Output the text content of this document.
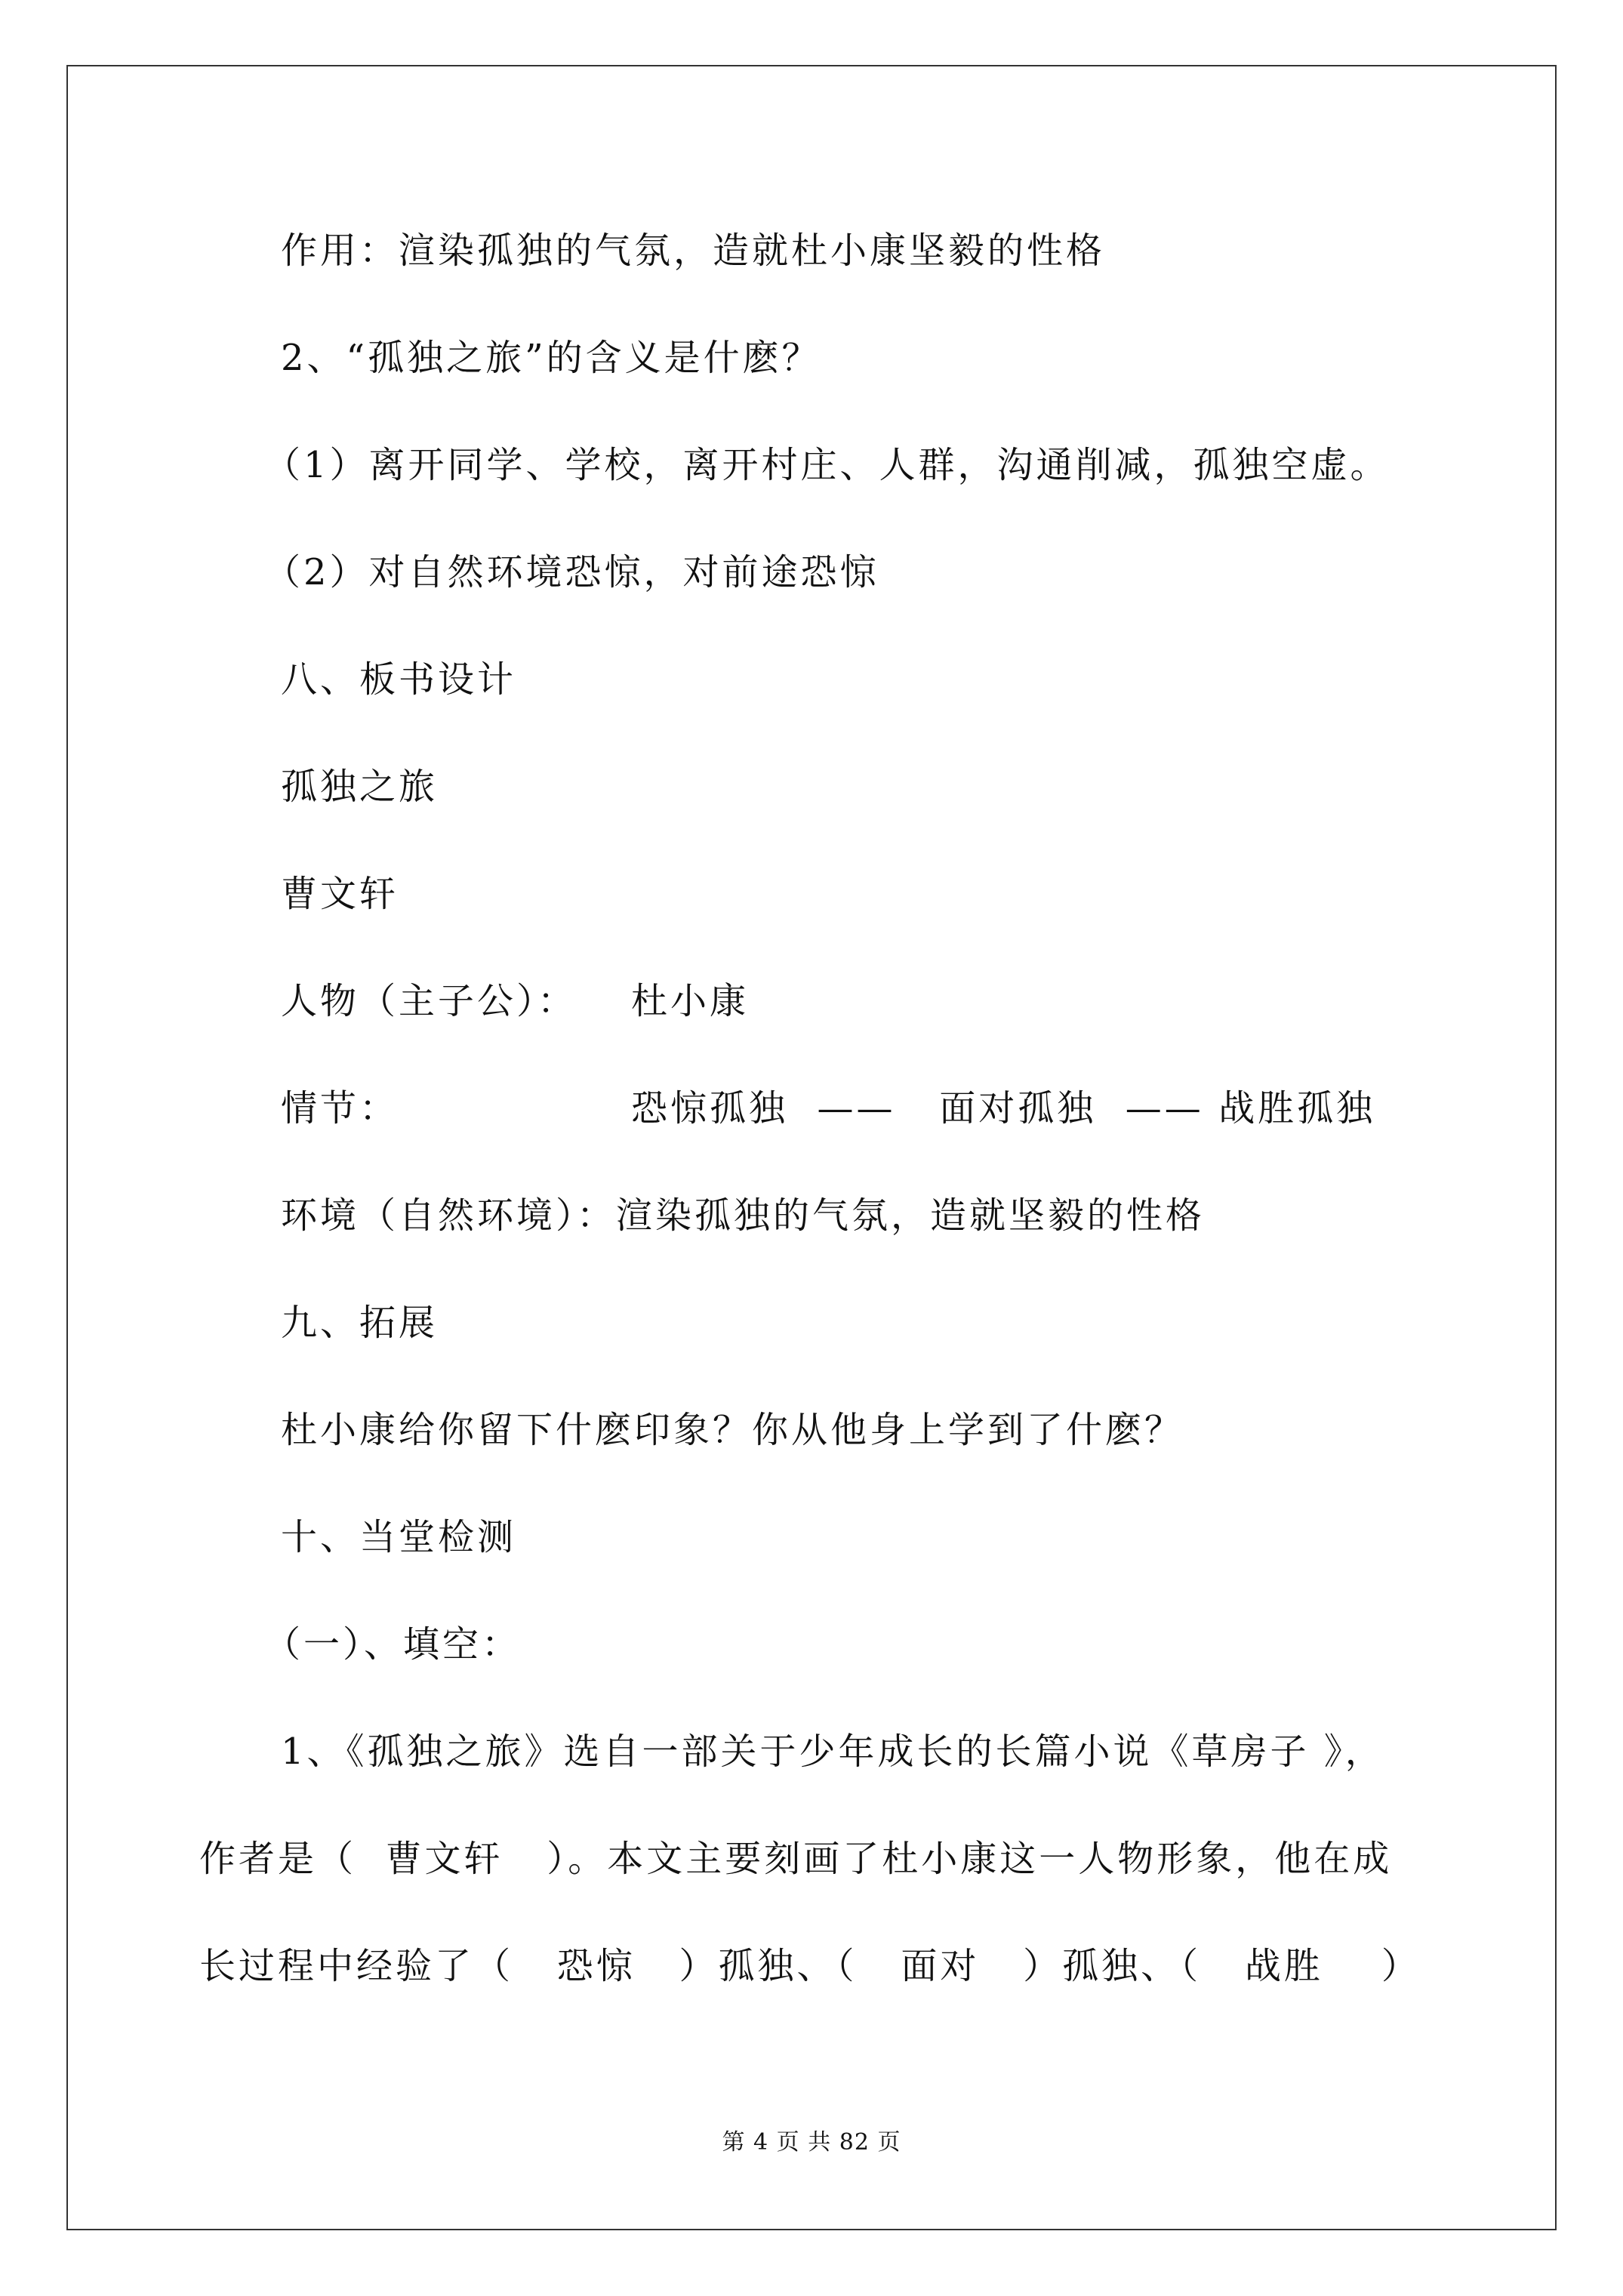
作用：渲染孤独的气氛，造就杜小康坚毅的性格
2、“孤独之旅”的含义是什麽？
（1）离开同学、学校，离开村庄、人群，沟通削减，孤独空虚。
（2）对自然环境恐惊，对前途恐惊
八、板书设计
孤独之旅
曹文轩
人物（主子公）： 杜小康
情节：	恐惊孤独  ——   面对孤独  —— 战胜孤独
环境（自然环境）：渲染孤独的气氛，造就坚毅的性格
九、拓展
杜小康给你留下什麽印象？你从他身上学到了什麽？
十、当堂检测
（一）、填空：
1、《孤独之旅》选自一部关于少年成长的长篇小说《草房子 》，
作者是（  曹文轩   ）。本文主要刻画了杜小康这一人物形象，他在成
长过程中经验了（   恐惊   ）孤独、（   面对   ）孤独、（   战胜    ）
第 4 页 共 82 页
